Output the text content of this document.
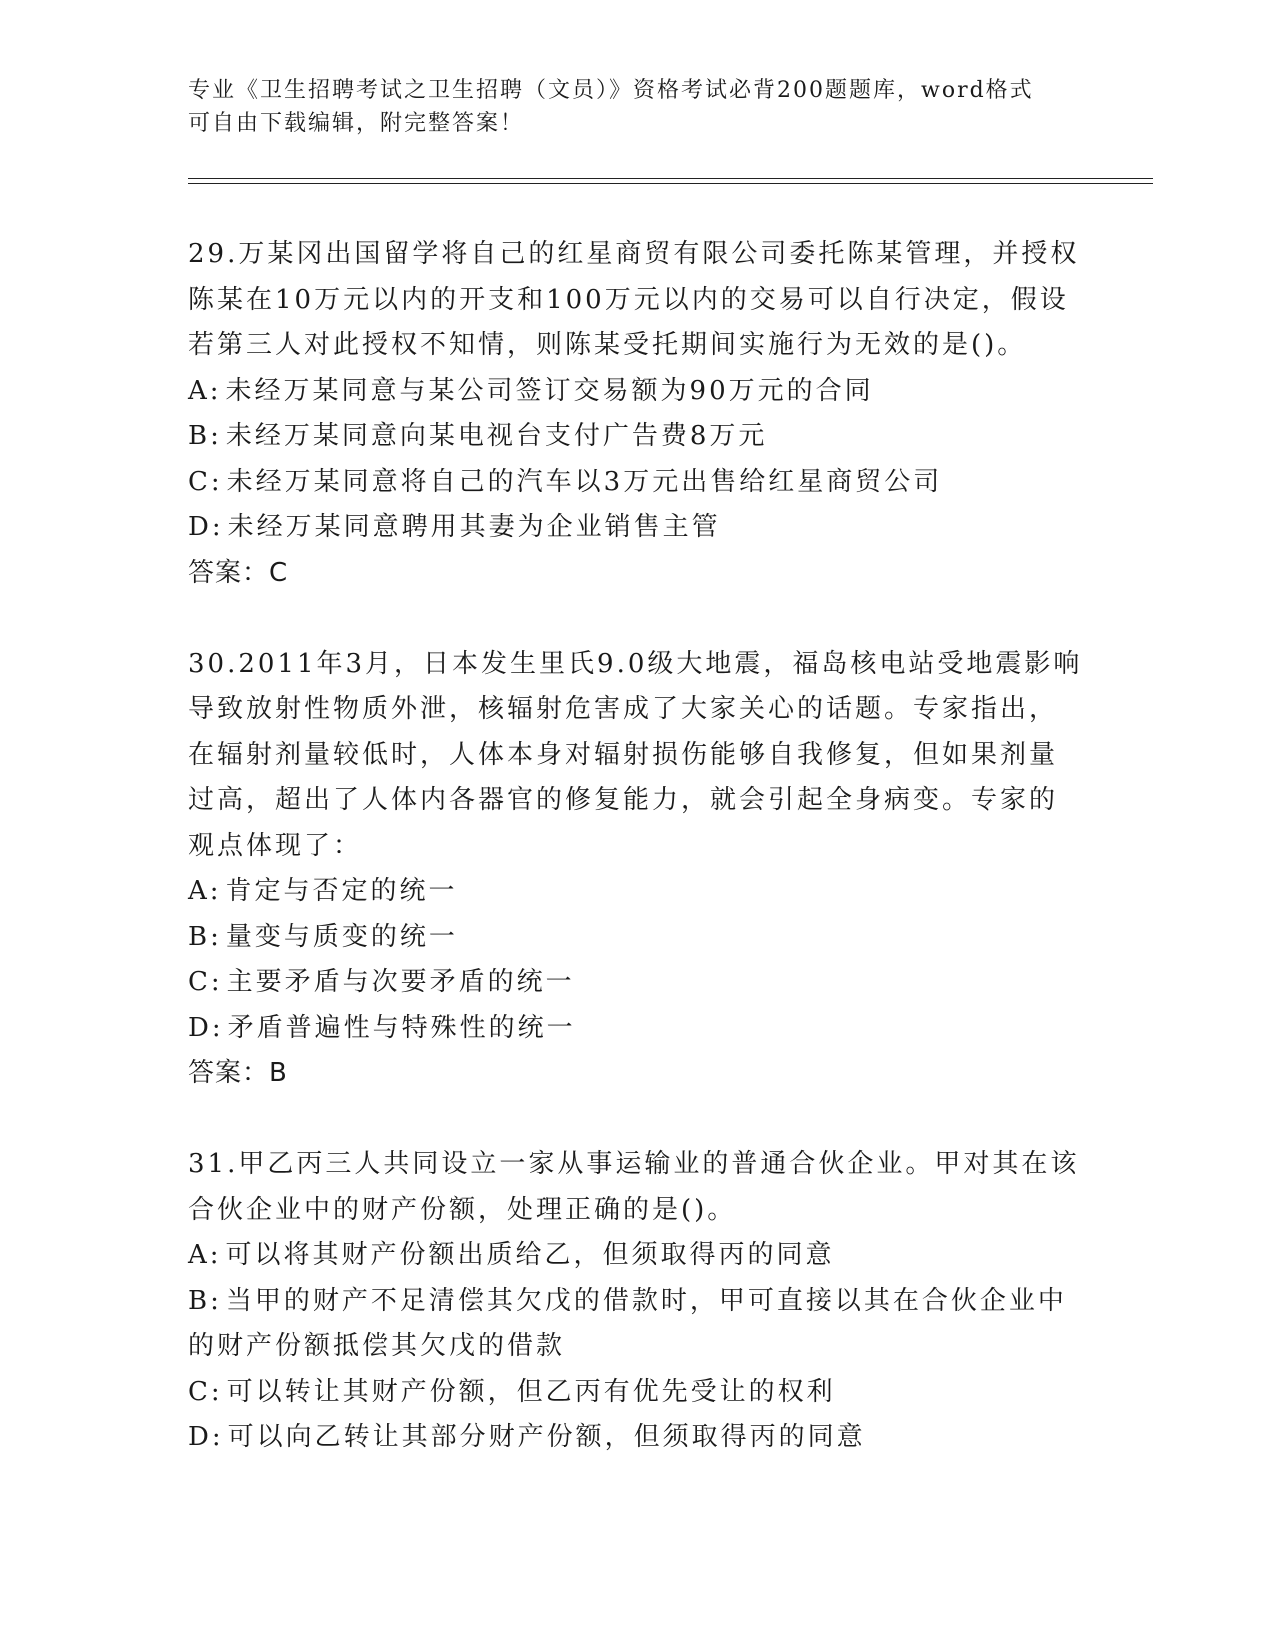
专业《卫生招聘考试之卫生招聘（文员）》资格考试必背200题题库，word格式
可自由下载编辑，附完整答案！
29.万某冈出国留学将自己的红星商贸有限公司委托陈某管理，并授权
陈某在10万元以内的开支和100万元以内的交易可以自行决定，假设
若第三人对此授权不知情，则陈某受托期间实施行为无效的是()。
A: 未经万某同意与某公司签订交易额为90万元的合同
B: 未经万某同意向某电视台支付广告费8万元
C: 未经万某同意将自己的汽车以3万元出售给红星商贸公司
D: 未经万某同意聘用其妻为企业销售主管
答案：C
30.2011年3月，日本发生里氏9.0级大地震，福岛核电站受地震影响
导致放射性物质外泄，核辐射危害成了大家关心的话题。专家指出，
在辐射剂量较低时，人体本身对辐射损伤能够自我修复，但如果剂量
过高，超出了人体内各器官的修复能力，就会引起全身病变。专家的
观点体现了：
A: 肯定与否定的统一
B: 量变与质变的统一
C: 主要矛盾与次要矛盾的统一
D: 矛盾普遍性与特殊性的统一
答案：B
31.甲乙丙三人共同设立一家从事运输业的普通合伙企业。甲对其在该
合伙企业中的财产份额，处理正确的是()。
A: 可以将其财产份额出质给乙，但须取得丙的同意
B: 当甲的财产不足清偿其欠戊的借款时，甲可直接以其在合伙企业中
的财产份额抵偿其欠戊的借款
C: 可以转让其财产份额，但乙丙有优先受让的权利
D: 可以向乙转让其部分财产份额，但须取得丙的同意
